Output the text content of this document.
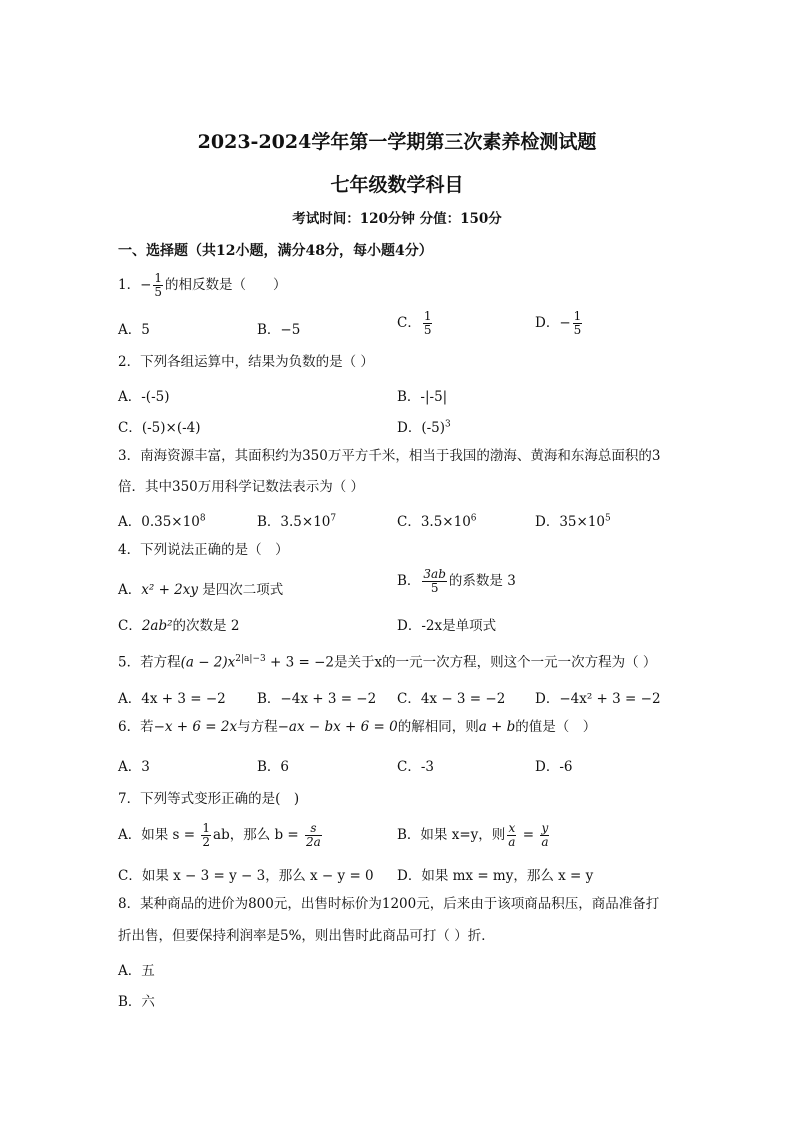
2023-2024学年第一学期第三次素养检测试题
七年级数学科目
考试时间：120分钟 分值：150分
一、选择题（共12小题，满分48分，每小题4分）
1．− $\frac{1}{5}$ 的相反数是（　　）
A．5	B．−5	C． $\frac{1}{5}$	D．− $\frac{1}{5}$
2．下列各组运算中，结果为负数的是（ ）
A．-(-5)	B．-|-5|
C．(-5)×(-4)	D．$(-5)^3$
3．南海资源丰富，其面积约为350万平方千米，相当于我国的渤海、黄海和东海总面积的3
倍．其中350万用科学记数法表示为（ ）
A．$0.35\times 10^8$	B．$3.5\times 10^7$	C．$3.5\times 10^6$	D．$35\times 10^5$
4．下列说法正确的是（　）
A．x² + 2xy 是四次二项式
B． $\frac{3ab}{5}$ 的系数是 3
C．2ab²的次数是 2	D．-2x是单项式
5．若方程$(a - 2)x^{2|a|-3} + 3 = -2$是关于x的一元一次方程，则这个一元一次方程为（ ）
A．4x + 3 = −2 B．−4x + 3 = −2 C．4x − 3 = −2 D．−4x² + 3 = −2
6．若−x + 6 = 2x与方程−ax − bx + 6 = 0的解相同，则a + b的值是（　）
A．3	B．6	C．-3	D．-6
7．下列等式变形正确的是(　)
A．如果 $s = \frac{1}{2}$ ab，那么 $b = \frac{s}{2a}$	B．如果 x=y，则 $\frac{x}{a} = \frac{y}{a}$
C．如果 x − 3 = y − 3，那么 x − y = 0 D．如果 mx = my，那么 x = y
8．某种商品的进价为800元，出售时标价为1200元，后来由于该项商品积压，商品准备打
折出售，但要保持利润率是5%，则出售时此商品可打（ ）折．
A．五
B．六
